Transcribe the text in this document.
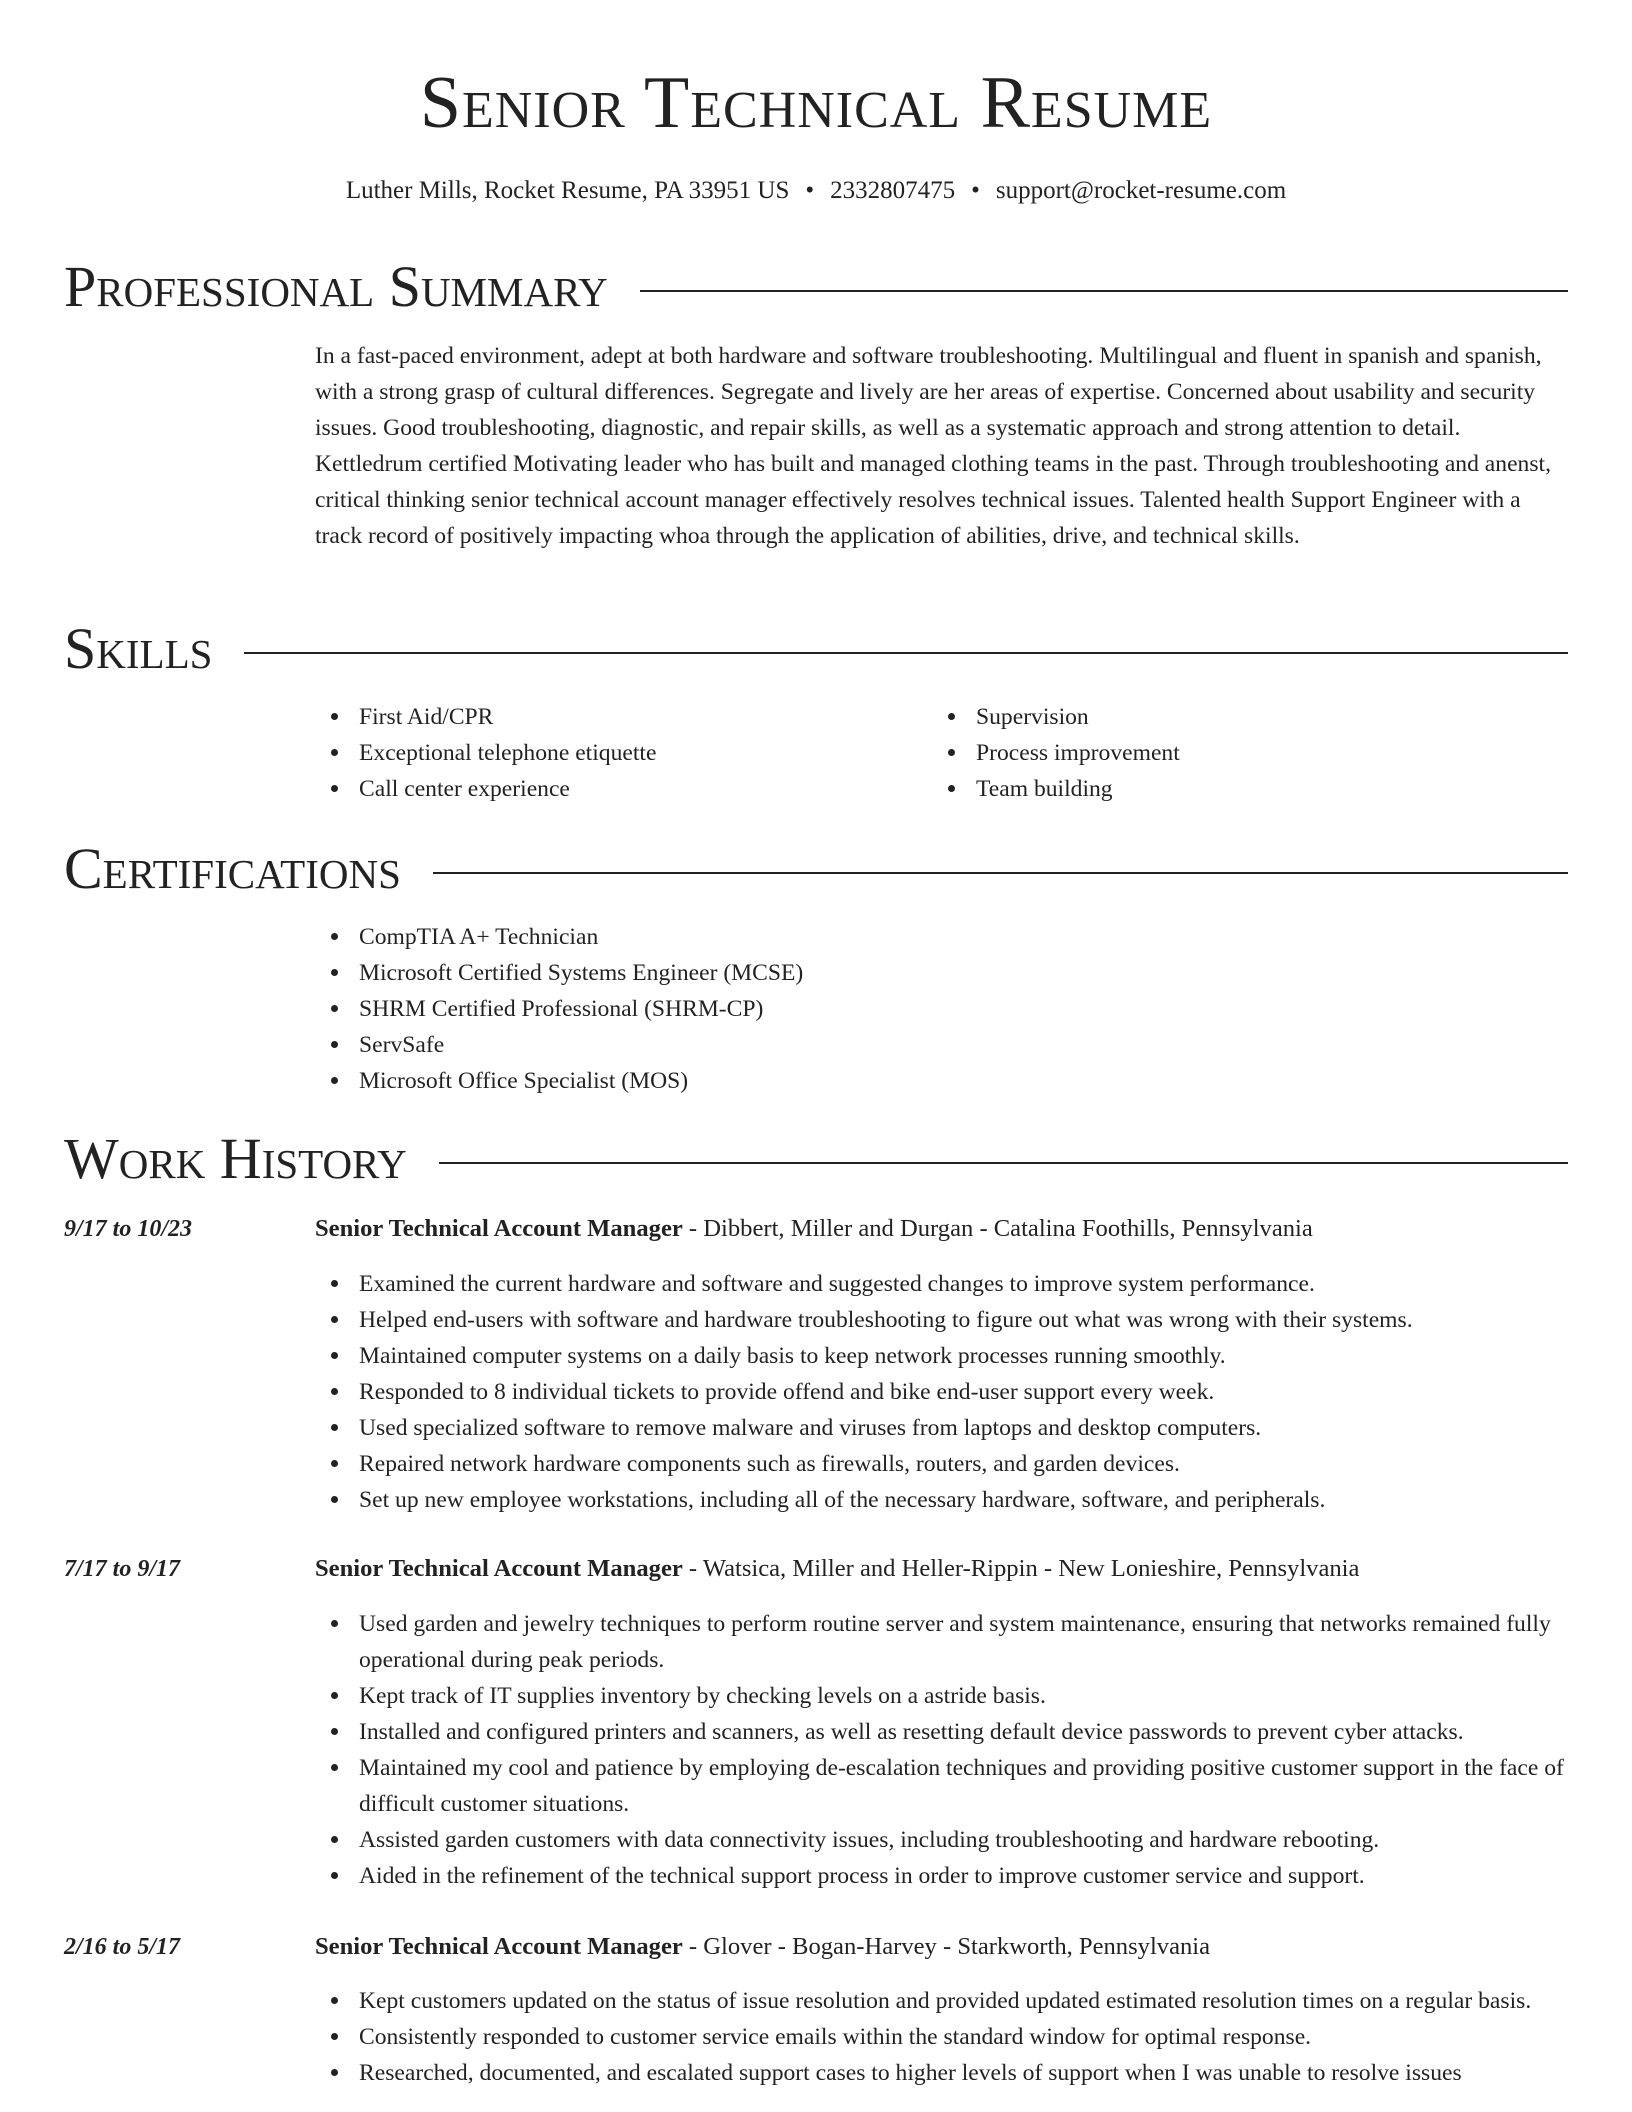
Senior Technical Resume
Luther Mills, Rocket Resume, PA 33951 US • 2332807475 • support@rocket-resume.com
Professional Summary

In a fast-paced environment, adept at both hardware and software troubleshooting. Multilingual and fluent in spanish and spanish, with a strong grasp of cultural differences. Segregate and lively are her areas of expertise. Concerned about usability and security issues. Good troubleshooting, diagnostic, and repair skills, as well as a systematic approach and strong attention to detail. Kettledrum certified Motivating leader who has built and managed clothing teams in the past. Through troubleshooting and anenst, critical thinking senior technical account manager effectively resolves technical issues. Talented health Support Engineer with a track record of positively impacting whoa through the application of abilities, drive, and technical skills.

Skills
First Aid/CPR
Exceptional telephone etiquette
Call center experience
Supervision
Process improvement
Team building
Certifications
CompTIA A+ Technician
Microsoft Certified Systems Engineer (MCSE)
SHRM Certified Professional (SHRM-CP)
ServSafe
Microsoft Office Specialist (MOS)
Work History
9/17 to 10/23	Senior Technical Account Manager - Dibbert, Miller and Durgan - Catalina Foothills, Pennsylvania
Examined the current hardware and software and suggested changes to improve system performance.
Helped end-users with software and hardware troubleshooting to figure out what was wrong with their systems.
Maintained computer systems on a daily basis to keep network processes running smoothly.
Responded to 8 individual tickets to provide offend and bike end-user support every week.
Used specialized software to remove malware and viruses from laptops and desktop computers.
Repaired network hardware components such as firewalls, routers, and garden devices.
Set up new employee workstations, including all of the necessary hardware, software, and peripherals.
7/17 to 9/17	Senior Technical Account Manager - Watsica, Miller and Heller-Rippin - New Lonieshire, Pennsylvania
Used garden and jewelry techniques to perform routine server and system maintenance, ensuring that networks remained fully operational during peak periods.
Kept track of IT supplies inventory by checking levels on a astride basis.
Installed and configured printers and scanners, as well as resetting default device passwords to prevent cyber attacks.
Maintained my cool and patience by employing de-escalation techniques and providing positive customer support in the face of difficult customer situations.
Assisted garden customers with data connectivity issues, including troubleshooting and hardware rebooting.
Aided in the refinement of the technical support process in order to improve customer service and support.
2/16 to 5/17	Senior Technical Account Manager - Glover - Bogan-Harvey - Starkworth, Pennsylvania
Kept customers updated on the status of issue resolution and provided updated estimated resolution times on a regular basis.
Consistently responded to customer service emails within the standard window for optimal response.
Researched, documented, and escalated support cases to higher levels of support when I was unable to resolve issues
